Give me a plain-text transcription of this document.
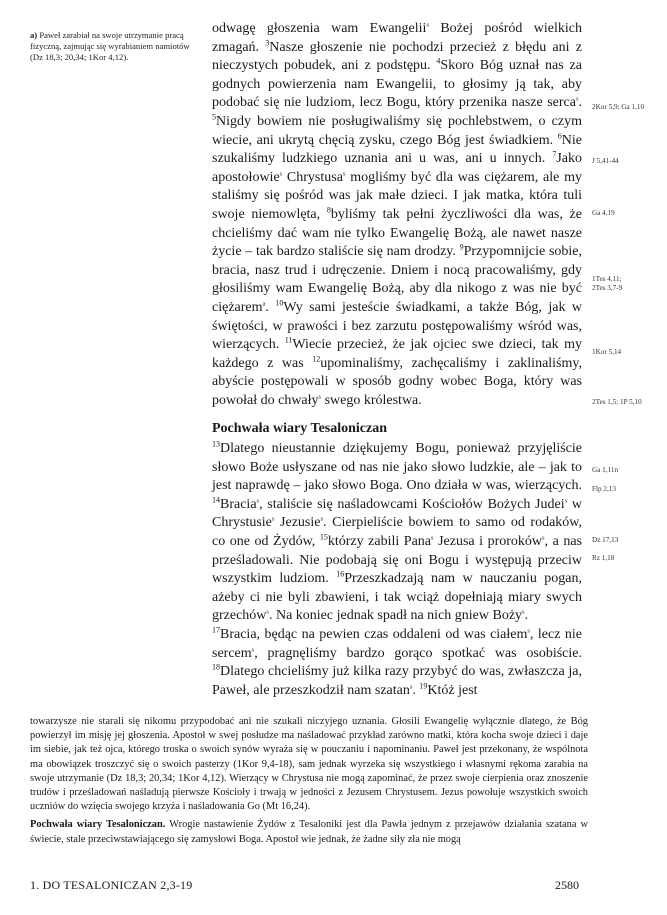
a) Paweł zarabiał na swoje utrzymanie pracą fizyczną, zajmując się wyrabianiem namiotów (Dz 18,3; 20,34; 1Kor 4,12).

odwagę głoszenia wam Ewangelii$^s$ Bożej pośród wielkich zmagań. $^3$Nasze głoszenie nie pochodzi przecież z błędu ani z nieczystych pobudek, ani z podstępu. $^4$Skoro Bóg uznał nas za godnych powierzenia nam Ewangelii, to głosimy ją tak, aby podobać się nie ludziom, lecz Bogu, który przenika nasze serca$^s$. $^5$Nigdy bowiem nie posługiwaliśmy się pochlebstwem, o czym wiecie, ani ukrytą chęcią zysku, czego Bóg jest świadkiem. $^6$Nie szukaliśmy ludzkiego uznania ani u was, ani u innych. $^7$Jako apostołowie$^s$ Chrystusa$^s$ mogliśmy być dla was ciężarem, ale my staliśmy się pośród was jak małe dzieci. I jak matka, która tuli swoje niemowlęta, $^8$byliśmy tak pełni życzliwości dla was, że chcieliśmy dać wam nie tylko Ewangelię Bożą, ale nawet nasze życie – tak bardzo staliście się nam drodzy. $^9$Przypomnijcie sobie, bracia, nasz trud i udręczenie. Dniem i nocą pracowaliśmy, gdy głosiliśmy wam Ewangelię Bożą, aby dla nikogo z was nie być ciężarem$^a$. $^{10}$Wy sami jesteście świadkami, a także Bóg, jak w świętości, w prawości i bez zarzutu postępowaliśmy wśród was, wierzących. $^{11}$Wiecie przecież, że jak ojciec swe dzieci, tak my każdego z was $^{12}$upominaliśmy, zachęcaliśmy i zaklinaliśmy, abyście postępowali w sposób godny wobec Boga, który was powołał do chwały$^s$ swego królestwa.

Pochwała wiary Tesaloniczan

$^{13}$Dlatego nieustannie dziękujemy Bogu, ponieważ przyjęliście słowo Boże usłyszane od nas nie jako słowo ludzkie, ale – jak to jest naprawdę – jako słowo Boga. Ono działa w was, wierzących. $^{14}$Bracia$^s$, staliście się naśladowcami Kościołów Bożych Judei$^s$ w Chrystusie$^s$ Jezusie$^s$. Cierpieliście bowiem to samo od rodaków, co one od Żydów, $^{15}$którzy zabili Pana$^s$ Jezusa i proroków$^s$, a nas prześladowali. Nie podobają się oni Bogu i występują przeciw wszystkim ludziom. $^{16}$Przeszkadzają nam w nauczaniu pogan, ażeby ci nie byli zbawieni, i tak wciąż dopełniają miary swych grzechów$^s$. Na koniec jednak spadł na nich gniew Boży$^s$.

$^{17}$Bracia, będąc na pewien czas oddaleni od was ciałem$^s$, lecz nie sercem$^s$, pragnęliśmy bardzo gorąco spotkać was osobiście. $^{18}$Dlatego chcieliśmy już kilka razy przybyć do was, zwłaszcza ja, Paweł, ale przeszkodził nam szatan$^s$. $^{19}$Któż jest

2Kor 5,9; Ga 1,10
J 5,41-44
Ga 4,19
1Tes 4,11;
2Tes 3,7-9
1Kor 5,14
2Tes 1,5; 1P 5,10
Ga 1,11n
Flp 2,13
Dz 17,13
Rz 1,18

towarzysze nie starali się nikomu przypodobać ani nie szukali niczyjego uznania. Głosili Ewangelię wyłącznie dlatego, że Bóg powierzył im misję jej głoszenia. Apostoł w swej posłudze ma naśladować przykład zarówno matki, która kocha swoje dzieci i daje im siebie, jak też ojca, którego troska o swoich synów wyraża się w pouczaniu i napominaniu. Paweł jest przekonany, że wspólnota ma obowiązek troszczyć się o swoich pasterzy (1Kor 9,4-18), sam jednak wyrzeka się wszystkiego i własnymi rękoma zarabia na swoje utrzymanie (Dz 18,3; 20,34; 1Kor 4,12). Wierzący w Chrystusa nie mogą zapominać, że przez swoje cierpienia oraz znoszenie trudów i prześladowań naśladują pierwsze Kościoły i trwają w jedności z Jezusem Chrystusem. Jezus powołuje wszystkich swoich uczniów do wzięcia swojego krzyża i naśladowania Go (Mt 16,24).

Pochwała wiary Tesaloniczan. Wrogie nastawienie Żydów z Tesaloniki jest dla Pawła jednym z przejawów działania szatana w świecie, stale przeciwstawiającego się zamysłowi Boga. Apostoł wie jednak, że żadne siły zła nie mogą

1. DO TESALONICZAN 2,3-19	2580
